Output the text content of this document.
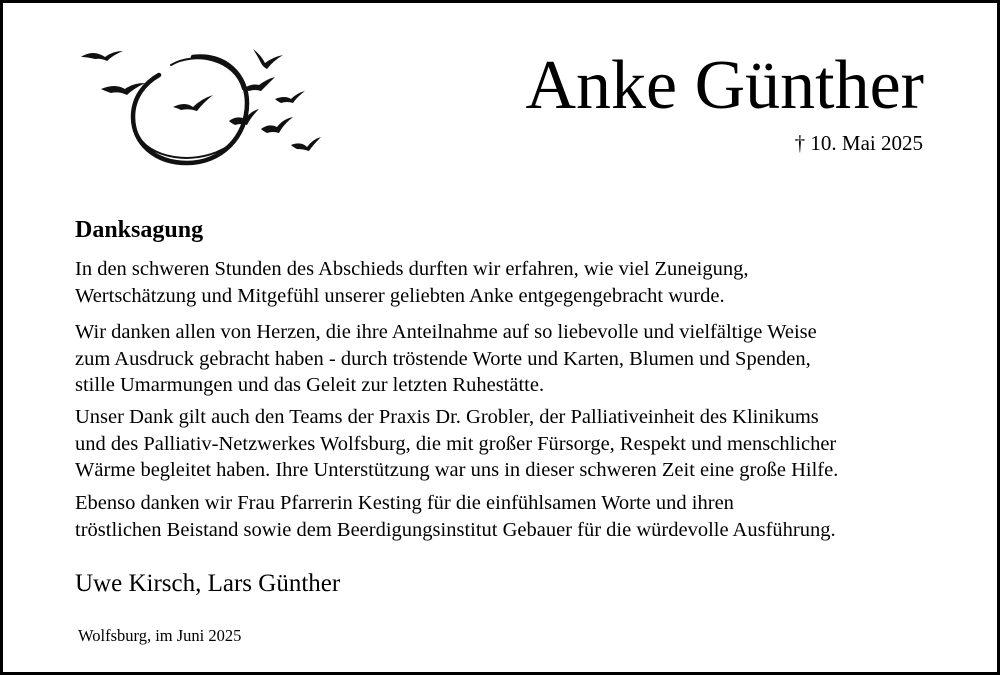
Anke Günther
† 10. Mai 2025
Danksagung

In den schweren Stunden des Abschieds durften wir erfahren, wie viel Zuneigung,
Wertschätzung und Mitgefühl unserer geliebten Anke entgegengebracht wurde.

Wir danken allen von Herzen, die ihre Anteilnahme auf so liebevolle und vielfältige Weise
zum Ausdruck gebracht haben - durch tröstende Worte und Karten, Blumen und Spenden,
stille Umarmungen und das Geleit zur letzten Ruhestätte.

Unser Dank gilt auch den Teams der Praxis Dr. Grobler, der Palliativeinheit des Klinikums
und des Palliativ-Netzwerkes Wolfsburg, die mit großer Fürsorge, Respekt und menschlicher
Wärme begleitet haben. Ihre Unterstützung war uns in dieser schweren Zeit eine große Hilfe.

Ebenso danken wir Frau Pfarrerin Kesting für die einfühlsamen Worte und ihren
tröstlichen Beistand sowie dem Beerdigungsinstitut Gebauer für die würdevolle Ausführung.

Uwe Kirsch, Lars Günther
Wolfsburg, im Juni 2025
